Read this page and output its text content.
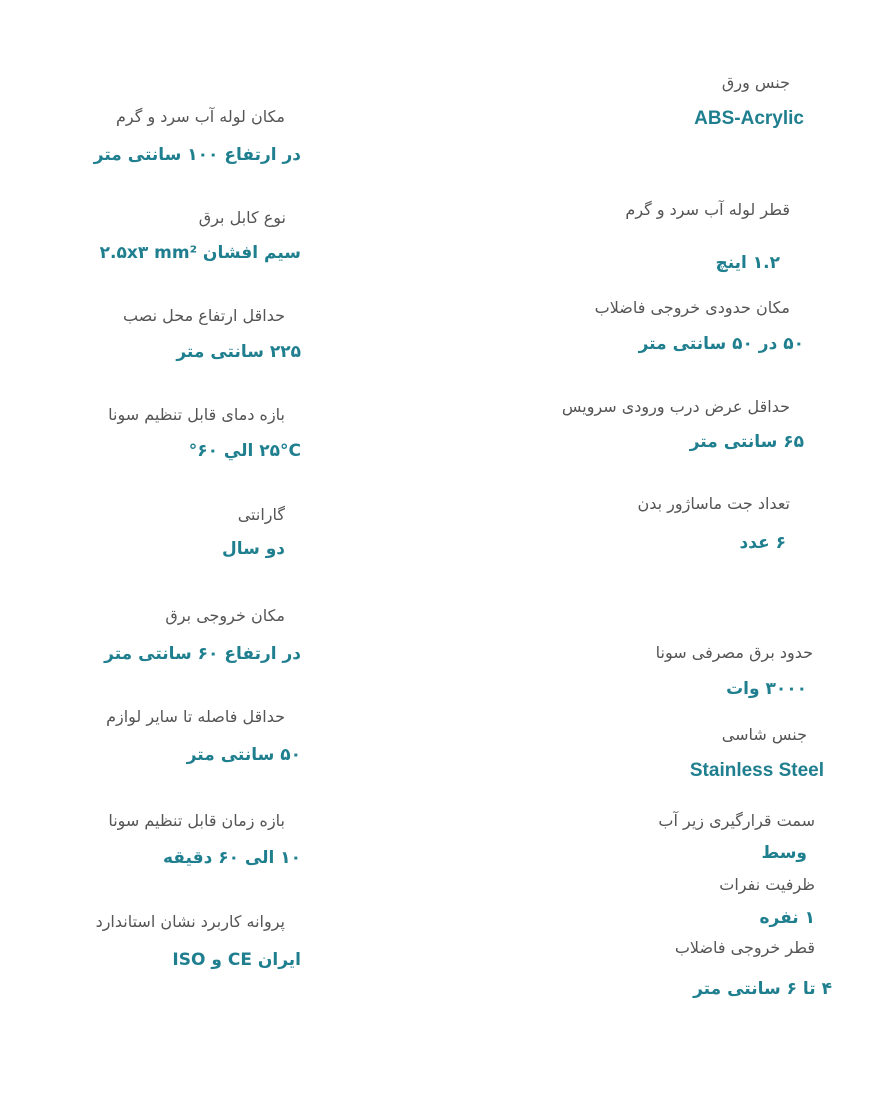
جنس ورق
ABS-Acrylic
قطر لوله آب سرد و گرم
۱.۲ اینچ
مکان حدودی خروجی فاضلاب
۵۰ در ۵۰ سانتی متر
حداقل عرض درب ورودی سرویس
۶۵ سانتی متر
تعداد جت ماساژور بدن
۶ عدد
حدود برق مصرفی سونا
۳۰۰۰ وات
جنس شاسی
Stainless Steel
سمت قرارگیری زیر آب
وسط
ظرفیت نفرات
۱ نفره
قطر خروجی فاضلاب
۴ تا ۶ سانتی متر
مکان لوله آب سرد و گرم
در ارتفاع ۱۰۰ سانتی متر
نوع کابل برق
سیم افشان ۲.۵x۳ mm²
حداقل ارتفاع محل نصب
۲۲۵ سانتی متر
بازه دمای قابل تنظیم سونا
۲۵°C الي ۶۰°
گارانتی
دو سال
مکان خروجی برق
در ارتفاع ۶۰ سانتی متر
حداقل فاصله تا سایر لوازم
۵۰ سانتی متر
بازه زمان قابل تنظیم سونا
۱۰ الی ۶۰ دقیقه
پروانه کاربرد نشان استاندارد
ایران CE و ISO
